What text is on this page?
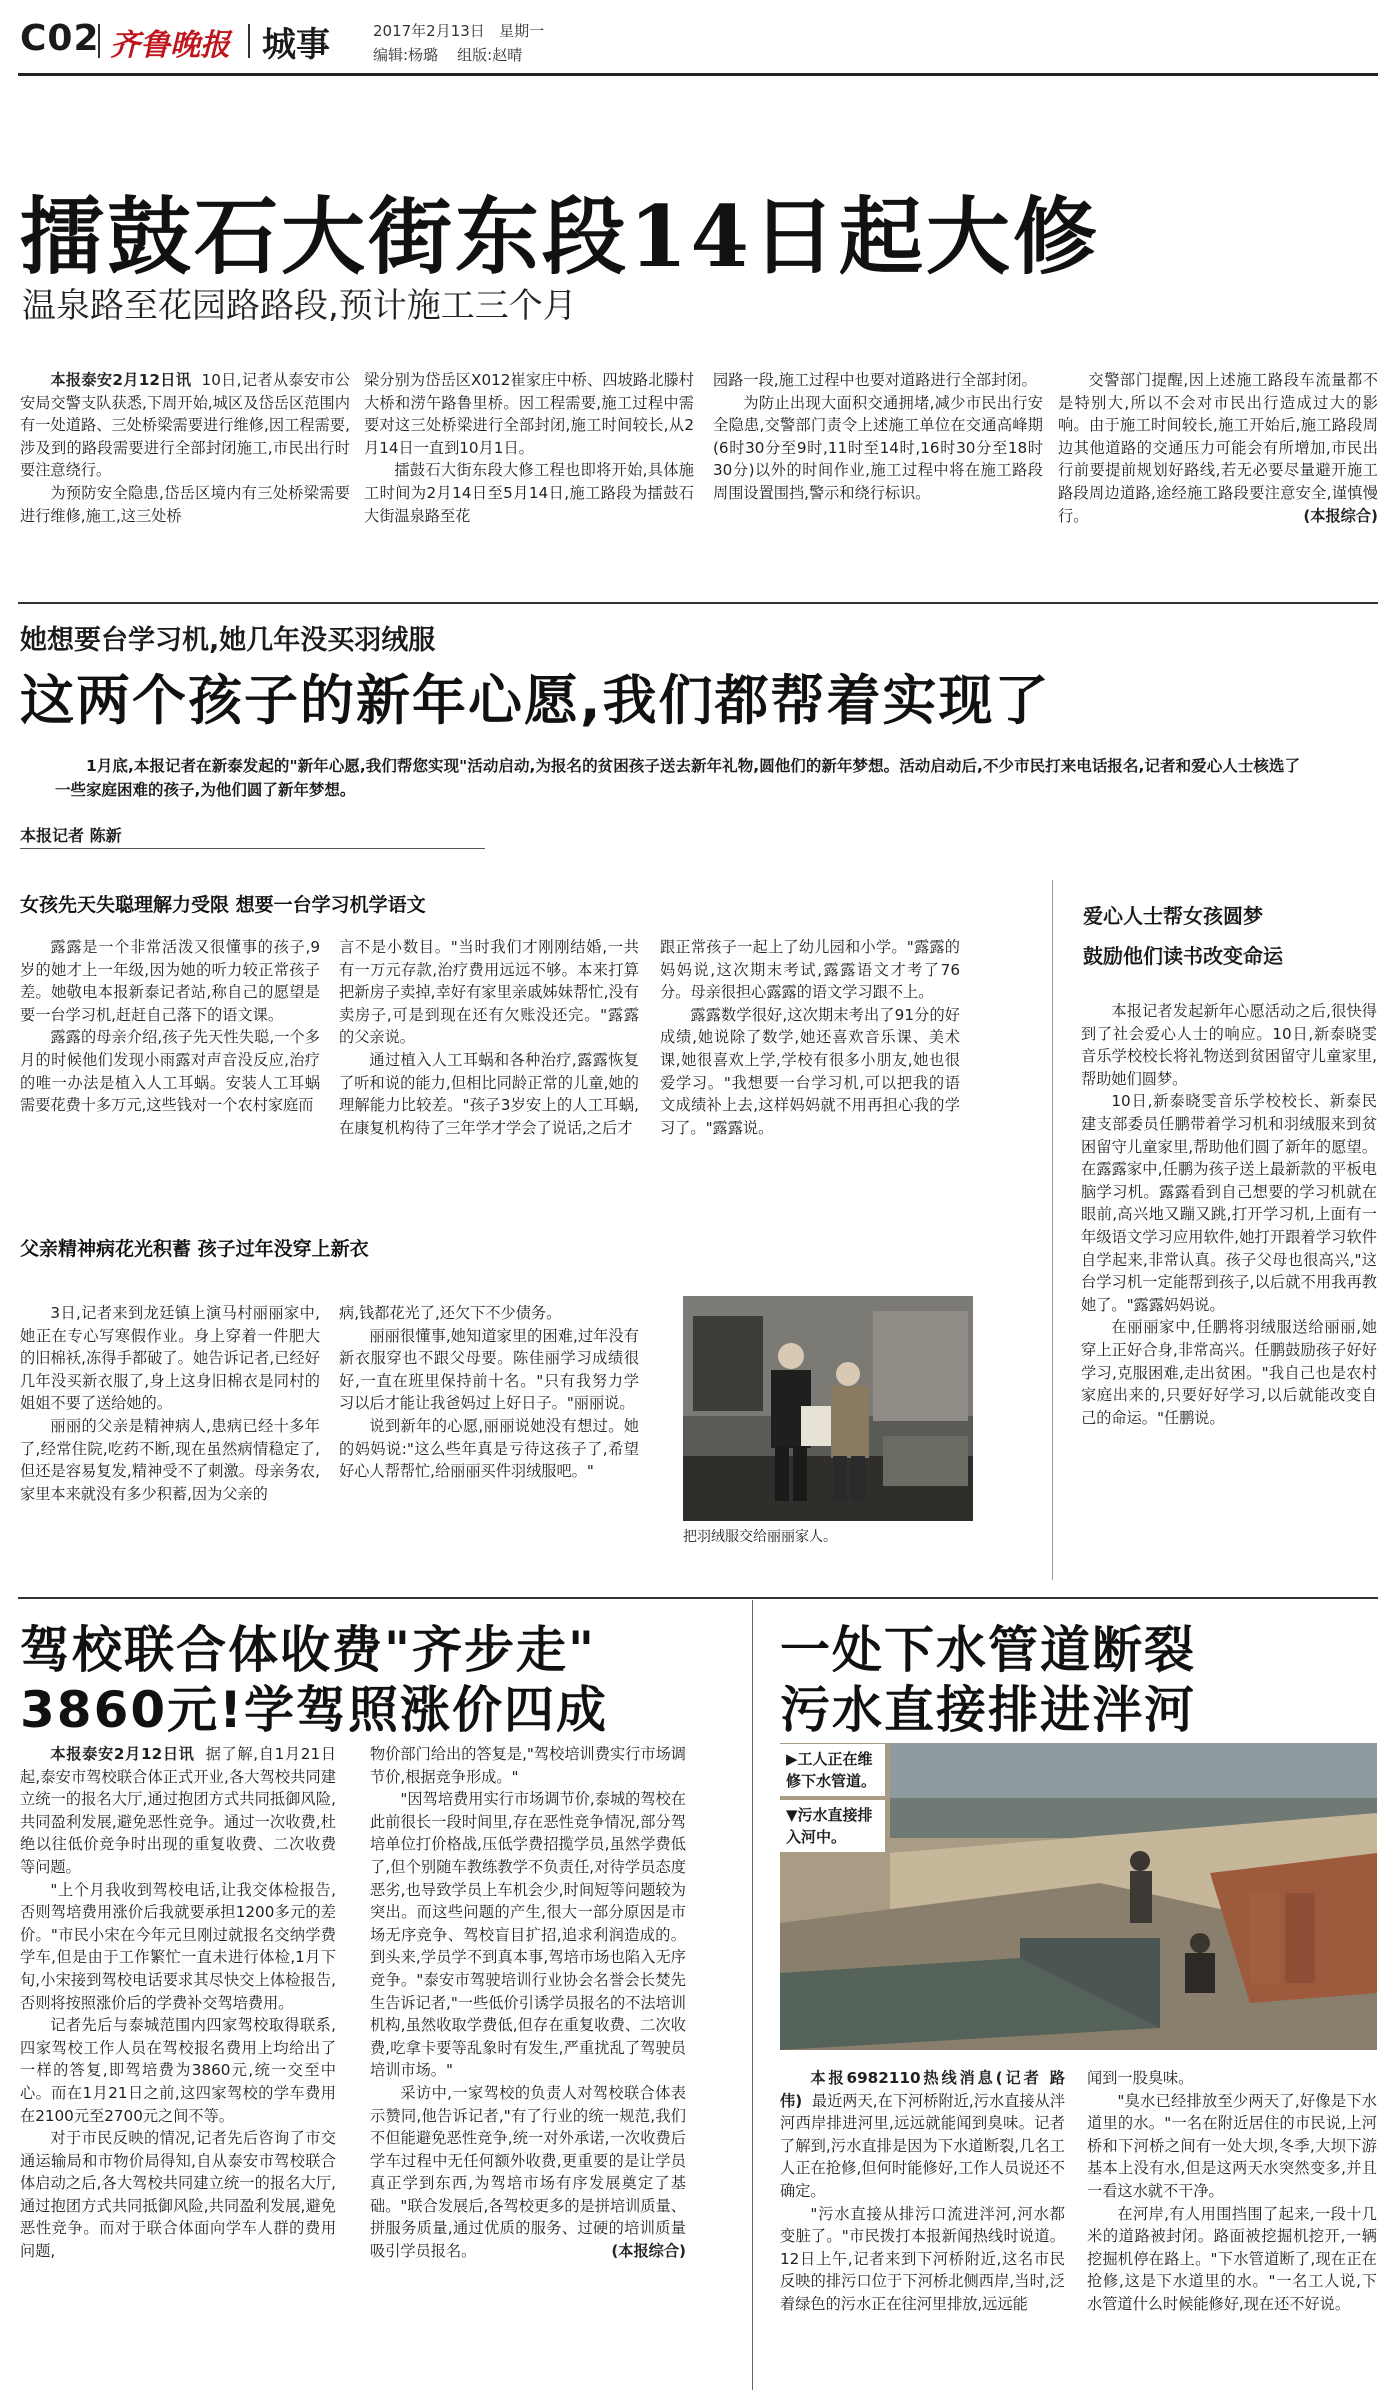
C02 齐鲁晚报 城事	2017年2月13日 星期一
编辑:杨璐 组版:赵晴
擂鼓石大街东段14日起大修
温泉路至花园路路段,预计施工三个月

本报泰安2月12日讯 10日,记者从泰安市公安局交警支队获悉,下周开始,城区及岱岳区范围内有一处道路、三处桥梁需要进行维修,因工程需要,涉及到的路段需要进行全部封闭施工,市民出行时要注意绕行。

为预防安全隐患,岱岳区境内有三处桥梁需要进行维修,施工,这三处桥

梁分别为岱岳区X012崔家庄中桥、四坡路北滕村大桥和涝午路鲁里桥。因工程需要,施工过程中需要对这三处桥梁进行全部封闭,施工时间较长,从2月14日一直到10月1日。

擂鼓石大街东段大修工程也即将开始,具体施工时间为2月14日至5月14日,施工路段为擂鼓石大街温泉路至花

园路一段,施工过程中也要对道路进行全部封闭。

为防止出现大面积交通拥堵,减少市民出行安全隐患,交警部门责令上述施工单位在交通高峰期(6时30分至9时,11时至14时,16时30分至18时30分)以外的时间作业,施工过程中将在施工路段周围设置围挡,警示和绕行标识。

交警部门提醒,因上述施工路段车流量都不是特别大,所以不会对市民出行造成过大的影响。由于施工时间较长,施工开始后,施工路段周边其他道路的交通压力可能会有所增加,市民出行前要提前规划好路线,若无必要尽量避开施工路段周边道路,途经施工路段要注意安全,谨慎慢行。	(本报综合)

她想要台学习机,她几年没买羽绒服
这两个孩子的新年心愿,我们都帮着实现了
1月底,本报记者在新泰发起的"新年心愿,我们帮您实现"活动启动,为报名的贫困孩子送去新年礼物,圆他们的新年梦想。活动启动后,不少市民打来电话报名,记者和爱心人士核选了一些家庭困难的孩子,为他们圆了新年梦想。
本报记者 陈新
女孩先天失聪理解力受限 想要一台学习机学语文

露露是一个非常活泼又很懂事的孩子,9岁的她才上一年级,因为她的听力较正常孩子差。她敬电本报新泰记者站,称自己的愿望是要一台学习机,赶赶自己落下的语文课。

露露的母亲介绍,孩子先天性失聪,一个多月的时候他们发现小雨露对声音没反应,治疗的唯一办法是植入人工耳蜗。安装人工耳蜗需要花费十多万元,这些钱对一个农村家庭而

言不是小数目。"当时我们才刚刚结婚,一共有一万元存款,治疗费用远远不够。本来打算把新房子卖掉,幸好有家里亲戚姊妹帮忙,没有卖房子,可是到现在还有欠账没还完。"露露的父亲说。

通过植入人工耳蜗和各种治疗,露露恢复了听和说的能力,但相比同龄正常的儿童,她的理解能力比较差。"孩子3岁安上的人工耳蜗,在康复机构待了三年学才学会了说话,之后才

跟正常孩子一起上了幼儿园和小学。"露露的妈妈说,这次期末考试,露露语文才考了76分。母亲很担心露露的语文学习跟不上。

露露数学很好,这次期末考出了91分的好成绩,她说除了数学,她还喜欢音乐课、美术课,她很喜欢上学,学校有很多小朋友,她也很爱学习。"我想要一台学习机,可以把我的语文成绩补上去,这样妈妈就不用再担心我的学习了。"露露说。

父亲精神病花光积蓄 孩子过年没穿上新衣

3日,记者来到龙廷镇上演马村丽丽家中,她正在专心写寒假作业。身上穿着一件肥大的旧棉袄,冻得手都破了。她告诉记者,已经好几年没买新衣服了,身上这身旧棉衣是同村的姐姐不要了送给她的。

丽丽的父亲是精神病人,患病已经十多年了,经常住院,吃药不断,现在虽然病情稳定了,但还是容易复发,精神受不了刺激。母亲务农,家里本来就没有多少积蓄,因为父亲的

病,钱都花光了,还欠下不少债务。

丽丽很懂事,她知道家里的困难,过年没有新衣服穿也不跟父母要。陈佳丽学习成绩很好,一直在班里保持前十名。"只有我努力学习以后才能让我爸妈过上好日子。"丽丽说。

说到新年的心愿,丽丽说她没有想过。她的妈妈说:"这么些年真是亏待这孩子了,希望好心人帮帮忙,给丽丽买件羽绒服吧。"

把羽绒服交给丽丽家人。
爱心人士帮女孩圆梦
鼓励他们读书改变命运

本报记者发起新年心愿活动之后,很快得到了社会爱心人士的响应。10日,新泰晓雯音乐学校校长将礼物送到贫困留守儿童家里,帮助她们圆梦。

10日,新泰晓雯音乐学校校长、新泰民建支部委员任鹏带着学习机和羽绒服来到贫困留守儿童家里,帮助他们圆了新年的愿望。在露露家中,任鹏为孩子送上最新款的平板电脑学习机。露露看到自己想要的学习机就在眼前,高兴地又蹦又跳,打开学习机,上面有一年级语文学习应用软件,她打开跟着学习软件自学起来,非常认真。孩子父母也很高兴,"这台学习机一定能帮到孩子,以后就不用我再教她了。"露露妈妈说。

在丽丽家中,任鹏将羽绒服送给丽丽,她穿上正好合身,非常高兴。任鹏鼓励孩子好好学习,克服困难,走出贫困。"我自己也是农村家庭出来的,只要好好学习,以后就能改变自己的命运。"任鹏说。

驾校联合体收费"齐步走"
3860元!学驾照涨价四成

本报泰安2月12日讯 据了解,自1月21日起,泰安市驾校联合体正式开业,各大驾校共同建立统一的报名大厅,通过抱团方式共同抵御风险,共同盈利发展,避免恶性竞争。通过一次收费,杜绝以往低价竞争时出现的重复收费、二次收费等问题。

"上个月我收到驾校电话,让我交体检报告,否则驾培费用涨价后我就要承担1200多元的差价。"市民小宋在今年元旦刚过就报名交纳学费学车,但是由于工作繁忙一直未进行体检,1月下旬,小宋接到驾校电话要求其尽快交上体检报告,否则将按照涨价后的学费补交驾培费用。

记者先后与泰城范围内四家驾校取得联系,四家驾校工作人员在驾校报名费用上均给出了一样的答复,即驾培费为3860元,统一交至中心。而在1月21日之前,这四家驾校的学车费用在2100元至2700元之间不等。

对于市民反映的情况,记者先后咨询了市交通运输局和市物价局得知,自从泰安市驾校联合体启动之后,各大驾校共同建立统一的报名大厅,通过抱团方式共同抵御风险,共同盈利发展,避免恶性竞争。而对于联合体面向学车人群的费用问题,

物价部门给出的答复是,"驾校培训费实行市场调节价,根据竞争形成。"

"因驾培费用实行市场调节价,泰城的驾校在此前很长一段时间里,存在恶性竞争情况,部分驾培单位打价格战,压低学费招揽学员,虽然学费低了,但个别随车教练教学不负责任,对待学员态度恶劣,也导致学员上车机会少,时间短等问题较为突出。而这些问题的产生,很大一部分原因是市场无序竞争、驾校盲目扩招,追求利润造成的。到头来,学员学不到真本事,驾培市场也陷入无序竞争。"泰安市驾驶培训行业协会名誉会长焚先生告诉记者,"一些低价引诱学员报名的不法培训机构,虽然收取学费低,但存在重复收费、二次收费,吃拿卡要等乱象时有发生,严重扰乱了驾驶员培训市场。"

采访中,一家驾校的负责人对驾校联合体表示赞同,他告诉记者,"有了行业的统一规范,我们不但能避免恶性竞争,统一对外承诺,一次收费后学车过程中无任何额外收费,更重要的是让学员真正学到东西,为驾培市场有序发展奠定了基础。"联合发展后,各驾校更多的是拼培训质量、拼服务质量,通过优质的服务、过硬的培训质量吸引学员报名。	(本报综合)

一处下水管道断裂
污水直接排进泮河
▶工人正在维修下水管道。
▼污水直接排入河中。

本报6982110热线消息(记者 路伟) 最近两天,在下河桥附近,污水直接从泮河西岸排进河里,远远就能闻到臭味。记者了解到,污水直排是因为下水道断裂,几名工人正在抢修,但何时能修好,工作人员说还不确定。

"污水直接从排污口流进泮河,河水都变脏了。"市民拨打本报新闻热线时说道。12日上午,记者来到下河桥附近,这名市民反映的排污口位于下河桥北侧西岸,当时,泛着绿色的污水正在往河里排放,远远能

闻到一股臭味。

"臭水已经排放至少两天了,好像是下水道里的水。"一名在附近居住的市民说,上河桥和下河桥之间有一处大坝,冬季,大坝下游基本上没有水,但是这两天水突然变多,并且一看这水就不干净。

在河岸,有人用围挡围了起来,一段十几米的道路被封闭。路面被挖掘机挖开,一辆挖掘机停在路上。"下水管道断了,现在正在抢修,这是下水道里的水。"一名工人说,下水管道什么时候能修好,现在还不好说。
